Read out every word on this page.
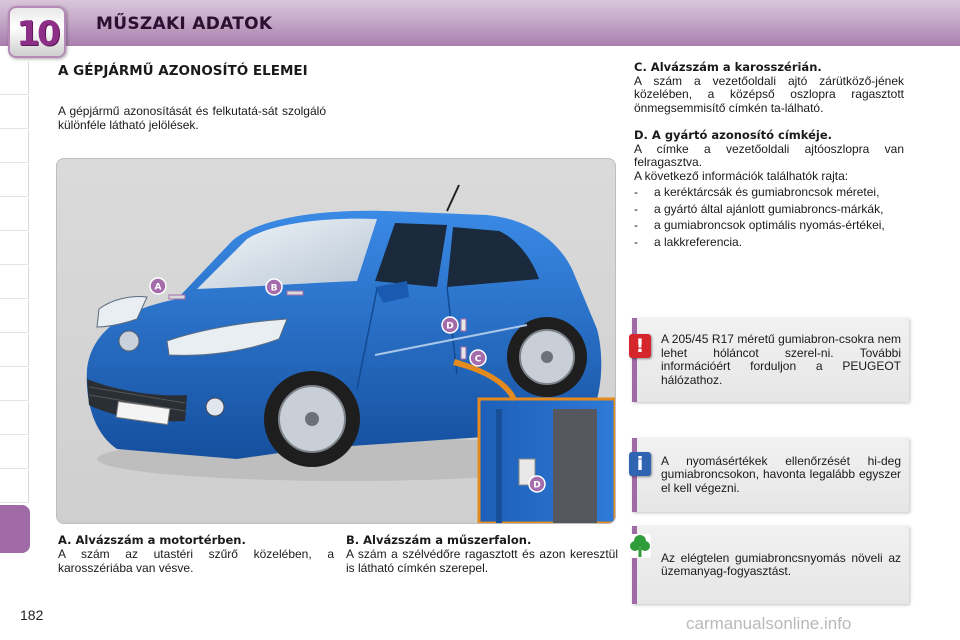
10	MŰSZAKI ADATOK
A GÉPJÁRMŰ AZONOSÍTÓ ELEMEI
A gépjármű azonosítását és felkutatá-sát szolgáló különféle látható jelölések.
A	B
C
D
D
A. Alvázszám a motortérben.
A szám az utastéri szűrő közelében, a karosszériába van vésve.
B. Alvázszám a műszerfalon.
A szám a szélvédőre ragasztott és azon keresztül is látható címkén szerepel.
C. Alvázszám a karosszérián.
A szám a vezetőoldali ajtó zárütköző-jének közelében, a középső oszlopra ragasztott önmegsemmisítő címkén ta-lálható.
D. A gyártó azonosító címkéje.
A címke a vezetőoldali ajtóoszlopra van felragasztva.
A következő információk találhatók rajta:
-	a keréktárcsák és gumiabroncsok méretei,
-	a gyártó által ajánlott gumiabroncs-márkák,
-	a gumiabroncsok optimális nyomás-értékei,
-	a lakkreferencia.
!	A 205/45 R17 méretű gumiabron-csokra nem lehet hóláncot szerel-ni. További információért forduljon a PEUGEOT hálózathoz.
i	A nyomásértékek ellenőrzését hi-deg gumiabroncsokon, havonta legalább egyszer el kell végezni.
Az elégtelen gumiabroncsnyomás növeli az üzemanyag-fogyasztást.
182	carmanualsonline.info
